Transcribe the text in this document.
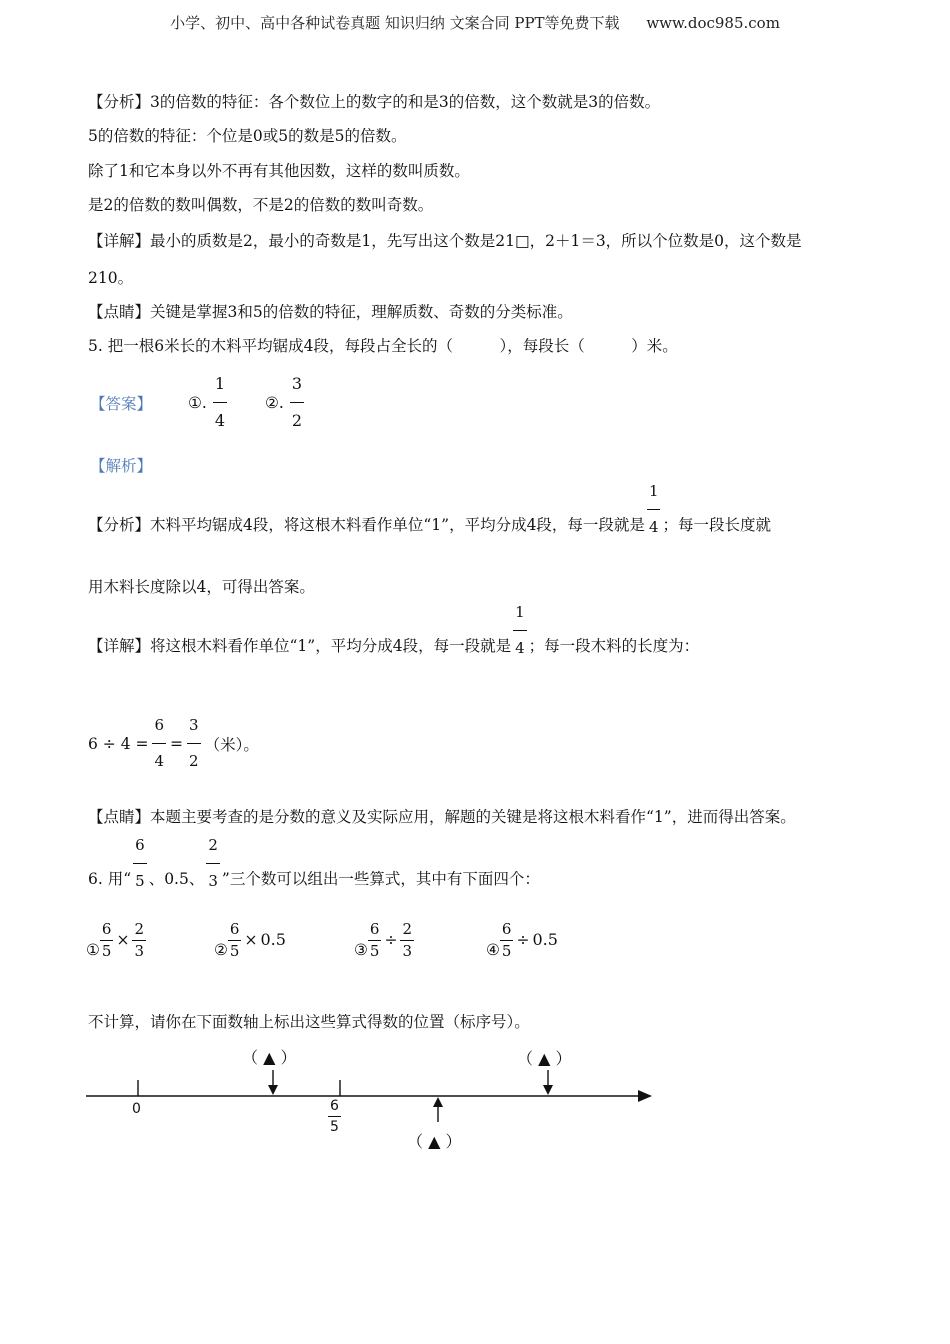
小学、初中、高中各种试卷真题 知识归纳 文案合同 PPT等免费下载 www.doc985.com
【分析】3的倍数的特征：各个数位上的数字的和是3的倍数，这个数就是3的倍数。
5的倍数的特征：个位是0或5的数是5的倍数。
除了1和它本身以外不再有其他因数，这样的数叫质数。
是2的倍数的数叫偶数，不是2的倍数的数叫奇数。
【详解】最小的质数是2，最小的奇数是1，先写出这个数是21□，2＋1＝3，所以个位数是0，这个数是
210。
【点睛】关键是掌握3和5的倍数的特征，理解质数、奇数的分类标准。
5. 把一根6米长的木料平均锯成4段，每段占全长的（　　　），每段长（　　　）米。
【答案】 ①. $\frac{1}{4}$ ②. $\frac{3}{2}$
【解析】
【分析】木料平均锯成4段，将这根木料看作单位“1”，平均分成4段，每一段就是 $\frac{1}{4}$ ；每一段长度就
用木料长度除以4，可得出答案。
【详解】将这根木料看作单位“1”，平均分成4段，每一段就是 $\frac{1}{4}$ ；每一段木料的长度为：
$6 \div 4 = \frac{6}{4} = \frac{3}{2}$ （米）。
【点睛】本题主要考查的是分数的意义及实际应用，解题的关键是将这根木料看作“1”，进而得出答案。
6. 用“ $\frac{6}{5}$ 、0.5、 $\frac{2}{3}$ ”三个数可以组出一些算式，其中有下面四个：
① $\frac{6}{5} \times \frac{2}{3}$	② $\frac{6}{5} \times 0.5$
③ $\frac{6}{5} \div \frac{2}{3}$	④ $\frac{6}{5} \div 0.5$
不计算，请你在下面数轴上标出这些算式得数的位置（标序号）。
0	$\frac{6}{5}$
（ ▲ ）	（ ▲ ）
（ ▲ ）
